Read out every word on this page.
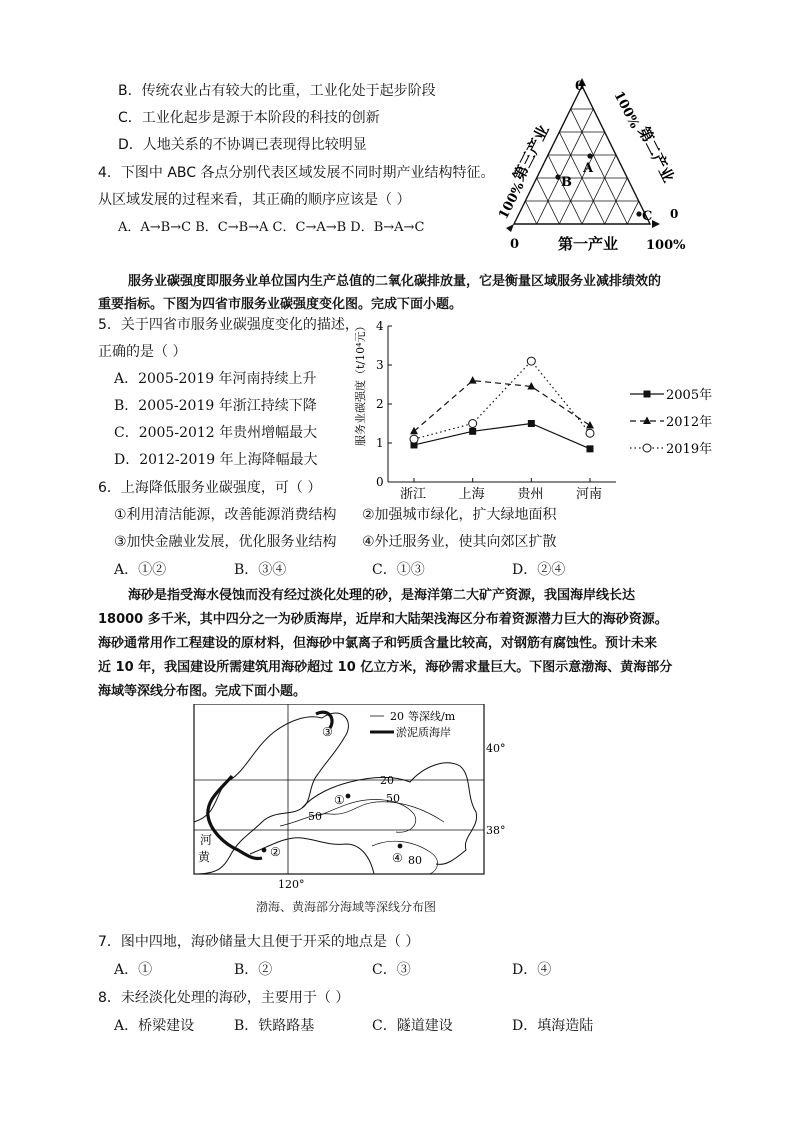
B．传统农业占有较大的比重，工业化处于起步阶段
C．工业化起步是源于本阶段的科技的创新
D．人地关系的不协调已表现得比较明显
4．下图中 ABC 各点分别代表区域发展不同时期产业结构特征。
从区域发展的过程来看，其正确的顺序应该是（ ）
A．A→B→C B．C→B→A C．C→A→B D．B→A→C
A
B
C
0
0
0	第一产业 100%
第三产业
100%
第二产业
100%
服务业碳强度即服务业单位国内生产总值的二氧化碳排放量，它是衡量区域服务业减排绩效的
重要指标。下图为四省市服务业碳强度变化图。完成下面小题。
5．关于四省市服务业碳强度变化的描述，
正确的是（ ）
A．2005-2019 年河南持续上升
B．2005-2019 年浙江持续下降
C．2005-2012 年贵州增幅最大
D．2012-2019 年上海降幅最大
服务业碳强度（t/10⁴元）
0
1
2
3
4
浙江	上海	贵州	河南
2005年
2012年
2019年
6．上海降低服务业碳强度，可（ ）
①利用清洁能源，改善能源消费结构 ②加强城市绿化，扩大绿地面积
③加快金融业发展，优化服务业结构 ④外迁服务业，使其向郊区扩散
A．①②	B．③④	C．①③	D．②④
海砂是指受海水侵蚀而没有经过淡化处理的砂，是海洋第二大矿产资源，我国海岸线长达
18000 多千米，其中四分之一为砂质海岸，近岸和大陆架浅海区分布着资源潜力巨大的海砂资源。
海砂通常用作工程建设的原材料，但海砂中氯离子和钙质含量比较高，对钢筋有腐蚀性。预计未来
近 10 年，我国建设所需建筑用海砂超过 10 亿立方米，海砂需求量巨大。下图示意渤海、黄海部分
海域等深线分布图。完成下面小题。
①
②
③
④
20
50
50
80
河
黄
20 等深线/m
淤泥质海岸
40°
38°
120°
渤海、黄海部分海域等深线分布图
7．图中四地，海砂储量大且便于开采的地点是（ ）
A．①	B．②	C．③	D．④
8．未经淡化处理的海砂，主要用于（ ）
A．桥梁建设	B．铁路路基	C．隧道建设	D．填海造陆
